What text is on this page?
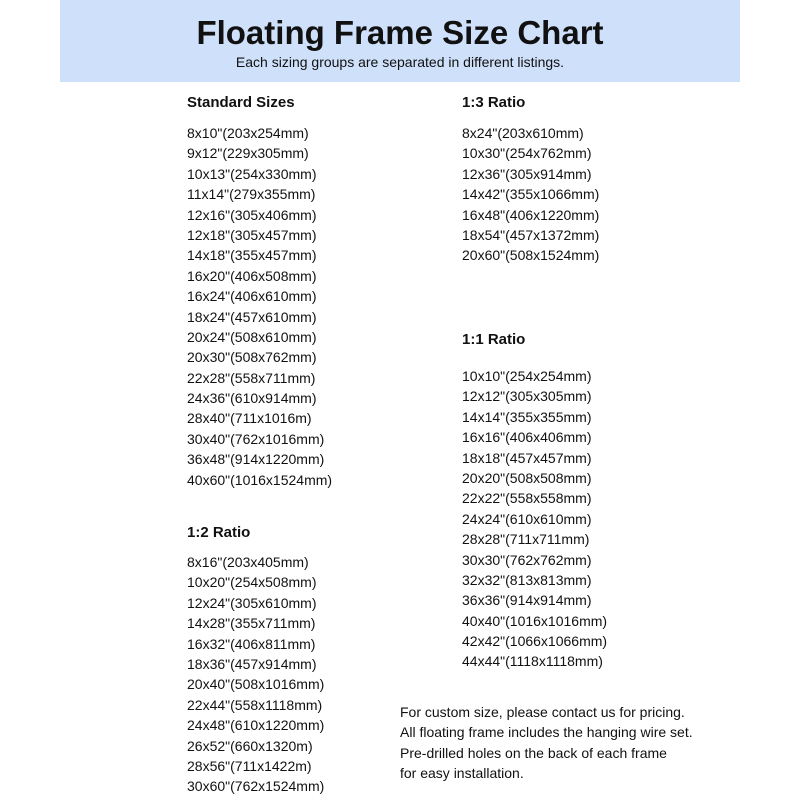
Floating Frame Size Chart
Each sizing groups are separated in different listings.
Standard Sizes
8x10"(203x254mm)
9x12"(229x305mm)
10x13"(254x330mm)
11x14"(279x355mm)
12x16"(305x406mm)
12x18"(305x457mm)
14x18"(355x457mm)
16x20"(406x508mm)
16x24"(406x610mm)
18x24"(457x610mm)
20x24"(508x610mm)
20x30"(508x762mm)
22x28"(558x711mm)
24x36"(610x914mm)
28x40"(711x1016m)
30x40"(762x1016mm)
36x48"(914x1220mm)
40x60"(1016x1524mm)
1:2 Ratio
8x16"(203x405mm)
10x20"(254x508mm)
12x24"(305x610mm)
14x28"(355x711mm)
16x32"(406x811mm)
18x36"(457x914mm)
20x40"(508x1016mm)
22x44"(558x1118mm)
24x48"(610x1220mm)
26x52"(660x1320m)
28x56"(711x1422m)
30x60"(762x1524mm)
1:3 Ratio
8x24"(203x610mm)
10x30"(254x762mm)
12x36"(305x914mm)
14x42"(355x1066mm)
16x48"(406x1220mm)
18x54"(457x1372mm)
20x60"(508x1524mm)
1:1 Ratio
10x10"(254x254mm)
12x12"(305x305mm)
14x14"(355x355mm)
16x16"(406x406mm)
18x18"(457x457mm)
20x20"(508x508mm)
22x22"(558x558mm)
24x24"(610x610mm)
28x28"(711x711mm)
30x30"(762x762mm)
32x32"(813x813mm)
36x36"(914x914mm)
40x40"(1016x1016mm)
42x42"(1066x1066mm)
44x44"(1118x1118mm)
For custom size, please contact us for pricing.
All floating frame includes the hanging wire set.
Pre-drilled holes on the back of each frame
for easy installation.
